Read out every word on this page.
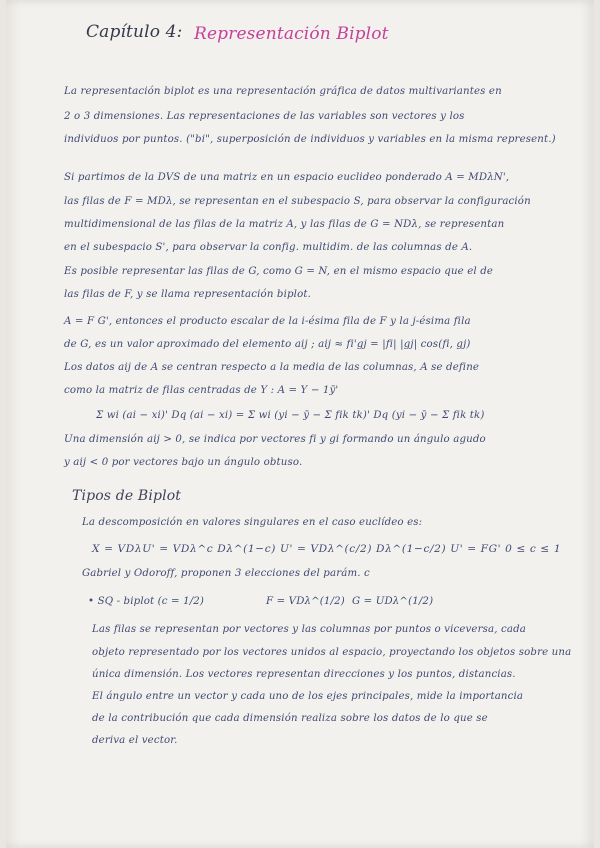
Capítulo 4: Representación Biplot
La representación biplot es una representación gráfica de datos multivariantes en
2 o 3 dimensiones. Las representaciones de las variables son vectores y los
individuos por puntos. ("bi", superposición de individuos y variables en la misma represent.)
Si partimos de la DVS de una matriz en un espacio euclideo ponderado A = MDλN',
las filas de F = MDλ, se representan en el subespacio S, para observar la configuración
multidimensional de las filas de la matriz A, y las filas de G = NDλ, se representan
en el subespacio S', para observar la config. multidim. de las columnas de A.
Es posible representar las filas de G, como G = N, en el mismo espacio que el de
las filas de F, y se llama representación biplot.
A = F G', entonces el producto escalar de la i-ésima fila de F y la j-ésima fila
de G, es un valor aproximado del elemento aij ; aij ≈ fi'gj = |fi| |gj| cos(fi, gj)
Los datos aij de A se centran respecto a la media de las columnas, A se define
como la matriz de filas centradas de Y : A = Y − 1ȳ'
Σ wi (ai − xi)' Dq (ai − xi) = Σ wi (yi − ȳ − Σ fik tk)' Dq (yi − ȳ − Σ fik tk)
Una dimensión aij > 0, se indica por vectores fi y gi formando un ángulo agudo
y aij < 0 por vectores bajo un ángulo obtuso.
Tipos de Biplot
La descomposición en valores singulares en el caso euclídeo es:
X = VDλU' = VDλ^c Dλ^(1−c) U' = VDλ^(c/2) Dλ^(1−c/2) U' = FG' 0 ≤ c ≤ 1
Gabriel y Odoroff, proponen 3 elecciones del parám. c
• SQ - biplot (c = 1/2)	F = VDλ^(1/2) G = UDλ^(1/2)
Las filas se representan por vectores y las columnas por puntos o viceversa, cada
objeto representado por los vectores unidos al espacio, proyectando los objetos sobre una
única dimensión. Los vectores representan direcciones y los puntos, distancias.
El ángulo entre un vector y cada uno de los ejes principales, mide la importancia
de la contribución que cada dimensión realiza sobre los datos de lo que se
deriva el vector.
